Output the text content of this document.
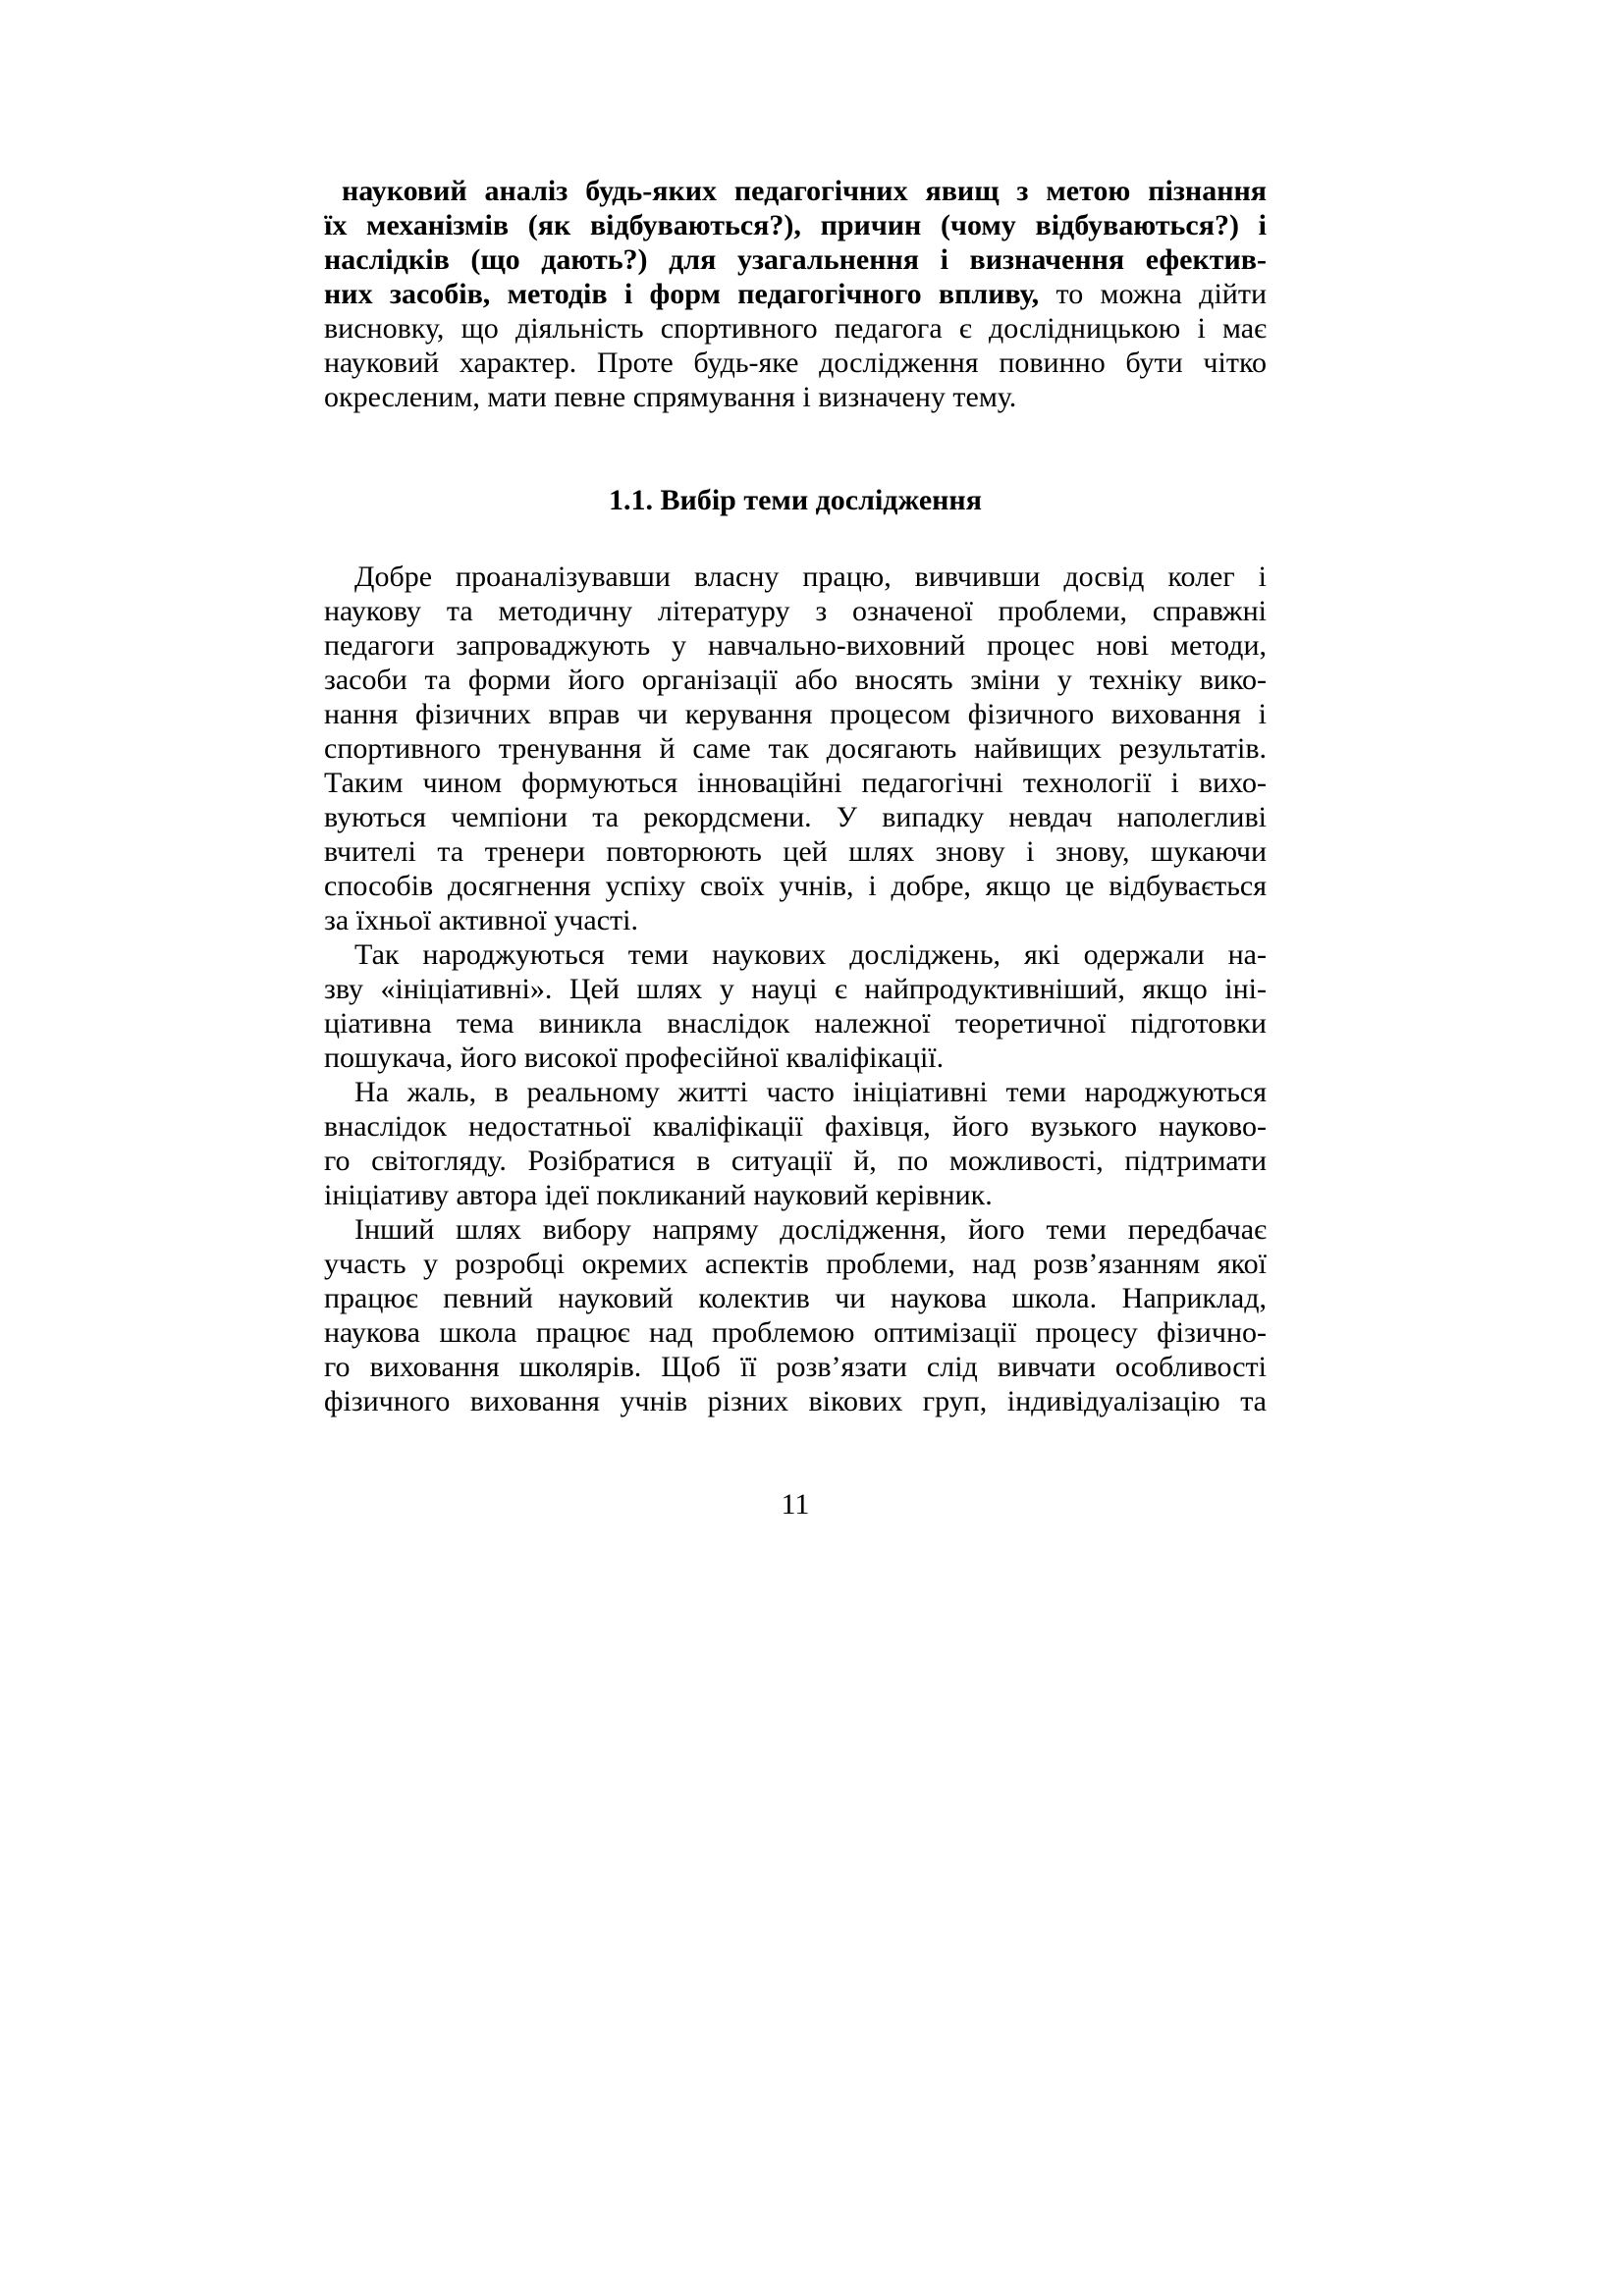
науковий аналіз будь-яких педагогічних явищ з метою пізнання
їх механізмів (як відбуваються?), причин (чому відбуваються?) і
наслідків (що дають?) для узагальнення і визначення ефектив-
них засобів, методів і форм педагогічного впливу, то можна дійти
висновку, що діяльність спортивного педагога є дослідницькою і має
науковий характер. Проте будь-яке дослідження повинно бути чітко
окресленим, мати певне спрямування і визначену тему.
1.1. Вибір теми дослідження
Добре проаналізувавши власну працю, вивчивши досвід колег і
наукову та методичну літературу з означеної проблеми, справжні
педагоги запроваджують у навчально-виховний процес нові методи,
засоби та форми його організації або вносять зміни у техніку вико-
нання фізичних вправ чи керування процесом фізичного виховання і
спортивного тренування й саме так досягають найвищих результатів.
Таким чином формуються інноваційні педагогічні технології і вихо-
вуються чемпіони та рекордсмени. У випадку невдач наполегливі
вчителі та тренери повторюють цей шлях знову і знову, шукаючи
способів досягнення успіху своїх учнів, і добре, якщо це відбувається
за їхньої активної участі.
Так народжуються теми наукових досліджень, які одержали на-
зву «ініціативні». Цей шлях у науці є найпродуктивніший, якщо іні-
ціативна тема виникла внаслідок належної теоретичної підготовки
пошукача, його високої професійної кваліфікації.
На жаль, в реальному житті часто ініціативні теми народжуються
внаслідок недостатньої кваліфікації фахівця, його вузького науково-
го світогляду. Розібратися в ситуації й, по можливості, підтримати
ініціативу автора ідеї покликаний науковий керівник.
Інший шлях вибору напряму дослідження, його теми передбачає
участь у розробці окремих аспектів проблеми, над розв’язанням якої
працює певний науковий колектив чи наукова школа. Наприклад,
наукова школа працює над проблемою оптимізації процесу фізично-
го виховання школярів. Щоб її розв’язати слід вивчати особливості
фізичного виховання учнів різних вікових груп, індивідуалізацію та
11
